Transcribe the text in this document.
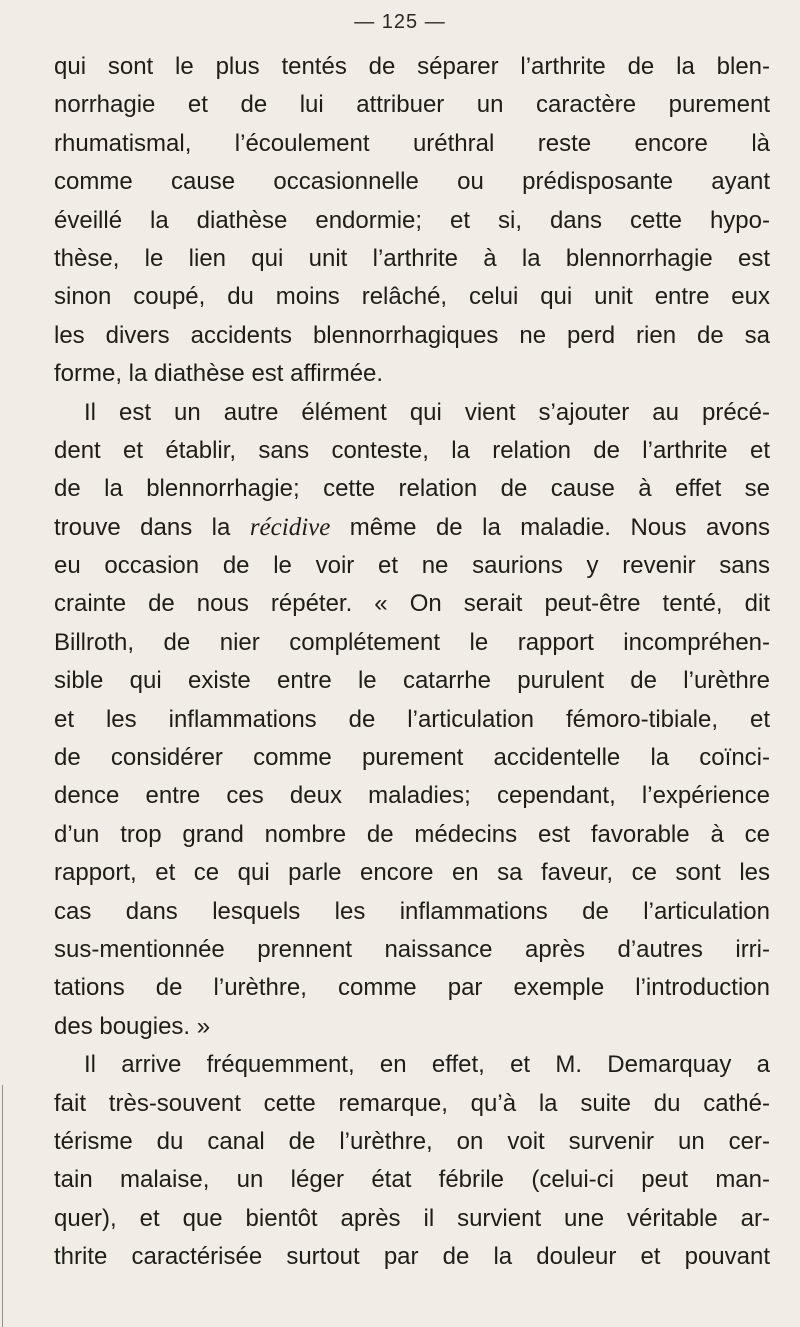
— 125 —
qui sont le plus tentés de séparer l’arthrite de la blen-
norrhagie et de lui attribuer un caractère purement
rhumatismal, l’écoulement uréthral reste encore là
comme cause occasionnelle ou prédisposante ayant
éveillé la diathèse endormie; et si, dans cette hypo-
thèse, le lien qui unit l’arthrite à la blennorrhagie est
sinon coupé, du moins relâché, celui qui unit entre eux
les divers accidents blennorrhagiques ne perd rien de sa
forme, la diathèse est affirmée.
Il est un autre élément qui vient s’ajouter au précé-
dent et établir, sans conteste, la relation de l’arthrite et
de la blennorrhagie; cette relation de cause à effet se
trouve dans la récidive même de la maladie. Nous avons
eu occasion de le voir et ne saurions y revenir sans
crainte de nous répéter. « On serait peut-être tenté, dit
Billroth, de nier complétement le rapport incompréhen-
sible qui existe entre le catarrhe purulent de l’urèthre
et les inflammations de l’articulation fémoro-tibiale, et
de considérer comme purement accidentelle la coïnci-
dence entre ces deux maladies; cependant, l’expérience
d’un trop grand nombre de médecins est favorable à ce
rapport, et ce qui parle encore en sa faveur, ce sont les
cas dans lesquels les inflammations de l’articulation
sus-mentionnée prennent naissance après d’autres irri-
tations de l’urèthre, comme par exemple l’introduction
des bougies. »
Il arrive fréquemment, en effet, et M. Demarquay a
fait très-souvent cette remarque, qu’à la suite du cathé-
térisme du canal de l’urèthre, on voit survenir un cer-
tain malaise, un léger état fébrile (celui-ci peut man-
quer), et que bientôt après il survient une véritable ar-
thrite caractérisée surtout par de la douleur et pouvant
